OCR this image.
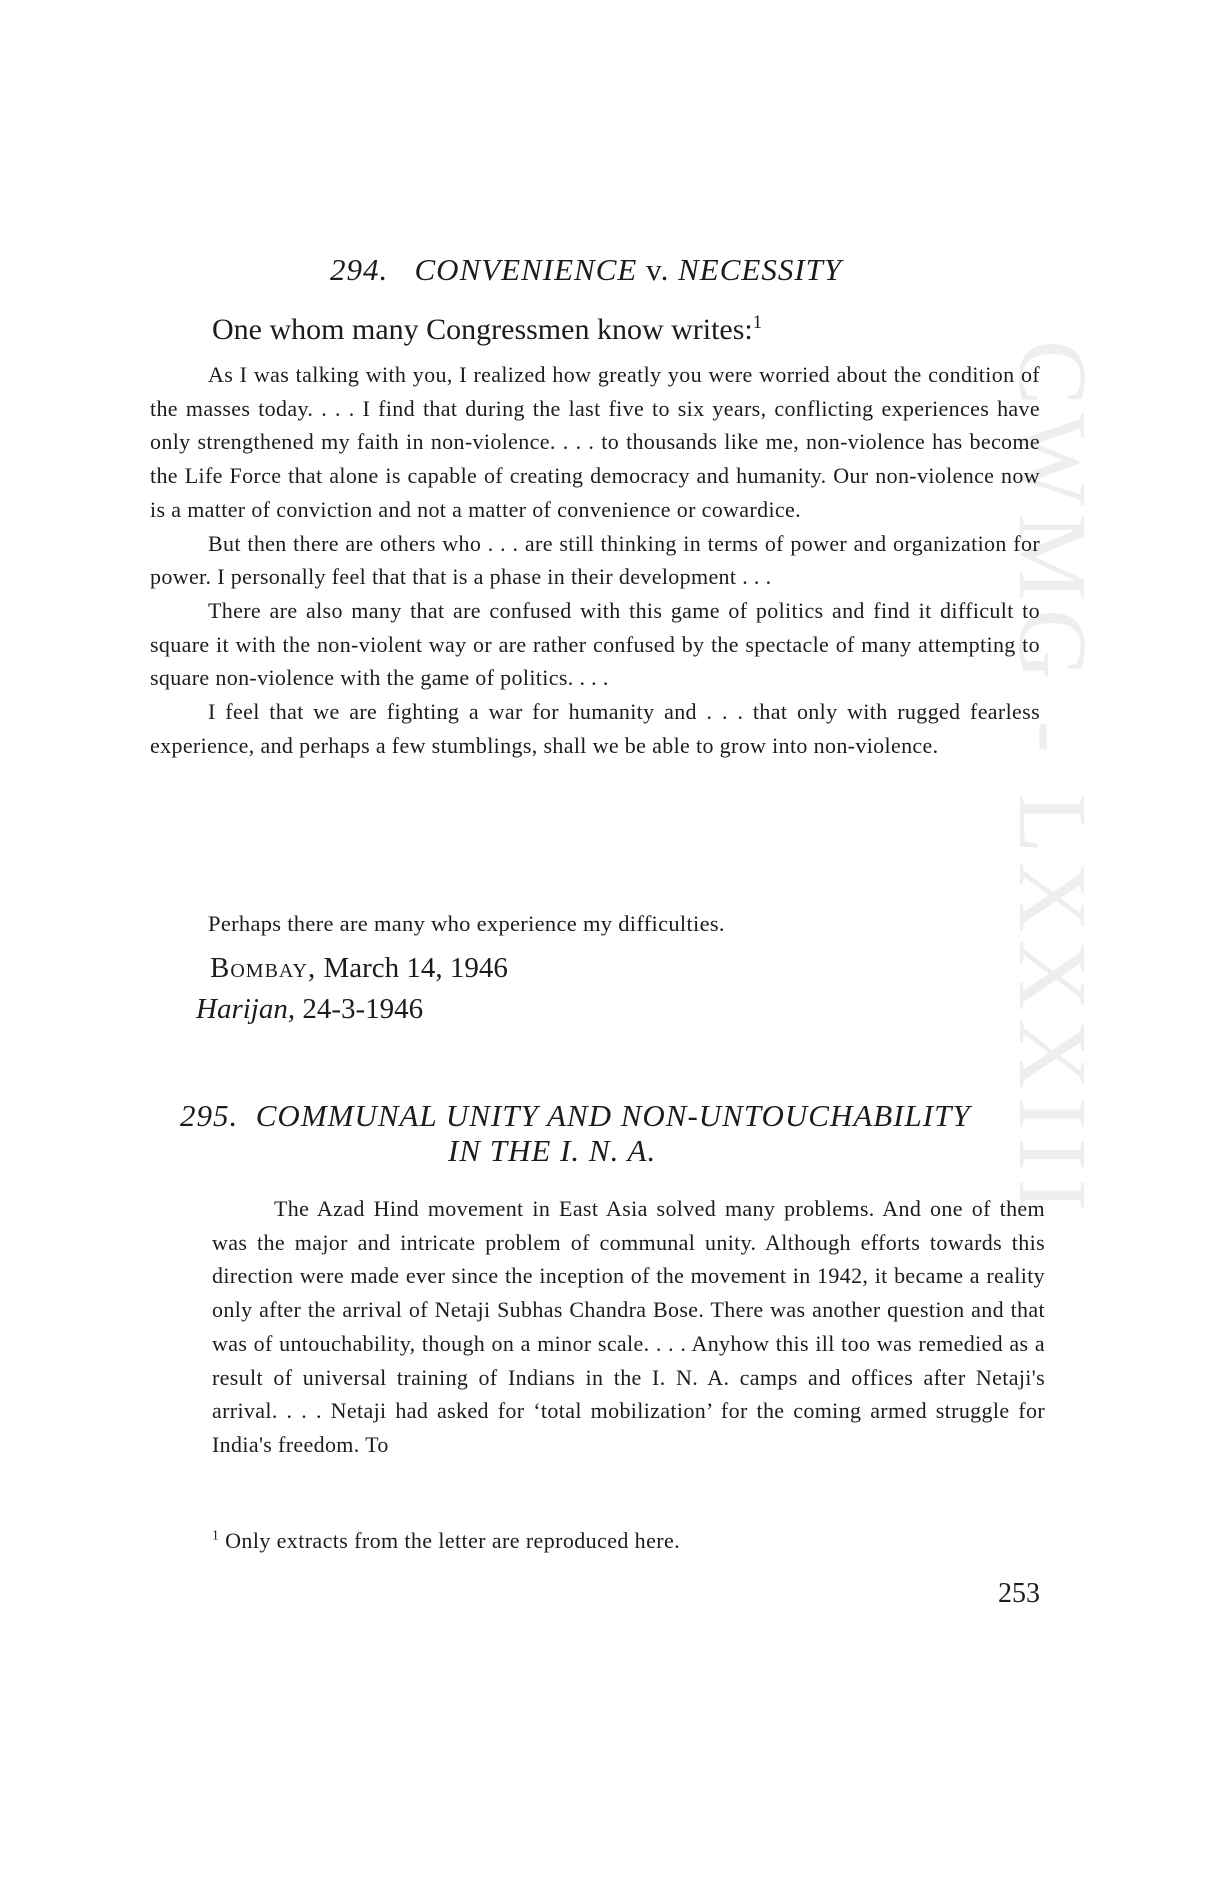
CWMG - LXXXIII
294. CONVENIENCE v. NECESSITY
One whom many Congressmen know writes:$^1$

As I was talking with you, I realized how greatly you were worried about the condition of the masses today. . . . I find that during the last five to six years, conflicting experiences have only strengthened my faith in non-violence. . . . to thousands like me, non-violence has become the Life Force that alone is capable of creating democracy and humanity. Our non-violence now is a matter of conviction and not a matter of convenience or cowardice.

But then there are others who . . . are still thinking in terms of power and organization for power. I personally feel that that is a phase in their development . . .

There are also many that are confused with this game of politics and find it difficult to square it with the non-violent way or are rather confused by the spectacle of many attempting to square non-violence with the game of politics. . . .

I feel that we are fighting a war for humanity and . . . that only with rugged fearless experience, and perhaps a few stumblings, shall we be able to grow into non-violence.

Perhaps there are many who experience my difficulties.
Bombay, March 14, 1946
Harijan, 24-3-1946
295. COMMUNAL UNITY AND NON-UNTOUCHABILITY
IN THE I. N. A.

The Azad Hind movement in East Asia solved many problems. And one of them was the major and intricate problem of communal unity. Although efforts towards this direction were made ever since the inception of the movement in 1942, it became a reality only after the arrival of Netaji Subhas Chandra Bose. There was another question and that was of untouchability, though on a minor scale. . . . Anyhow this ill too was remedied as a result of universal training of Indians in the I. N. A. camps and offices after Netaji's arrival. . . . Netaji had asked for ‘total mobilization’ for the coming armed struggle for India's freedom. To

$^1$ Only extracts from the letter are reproduced here.
253
